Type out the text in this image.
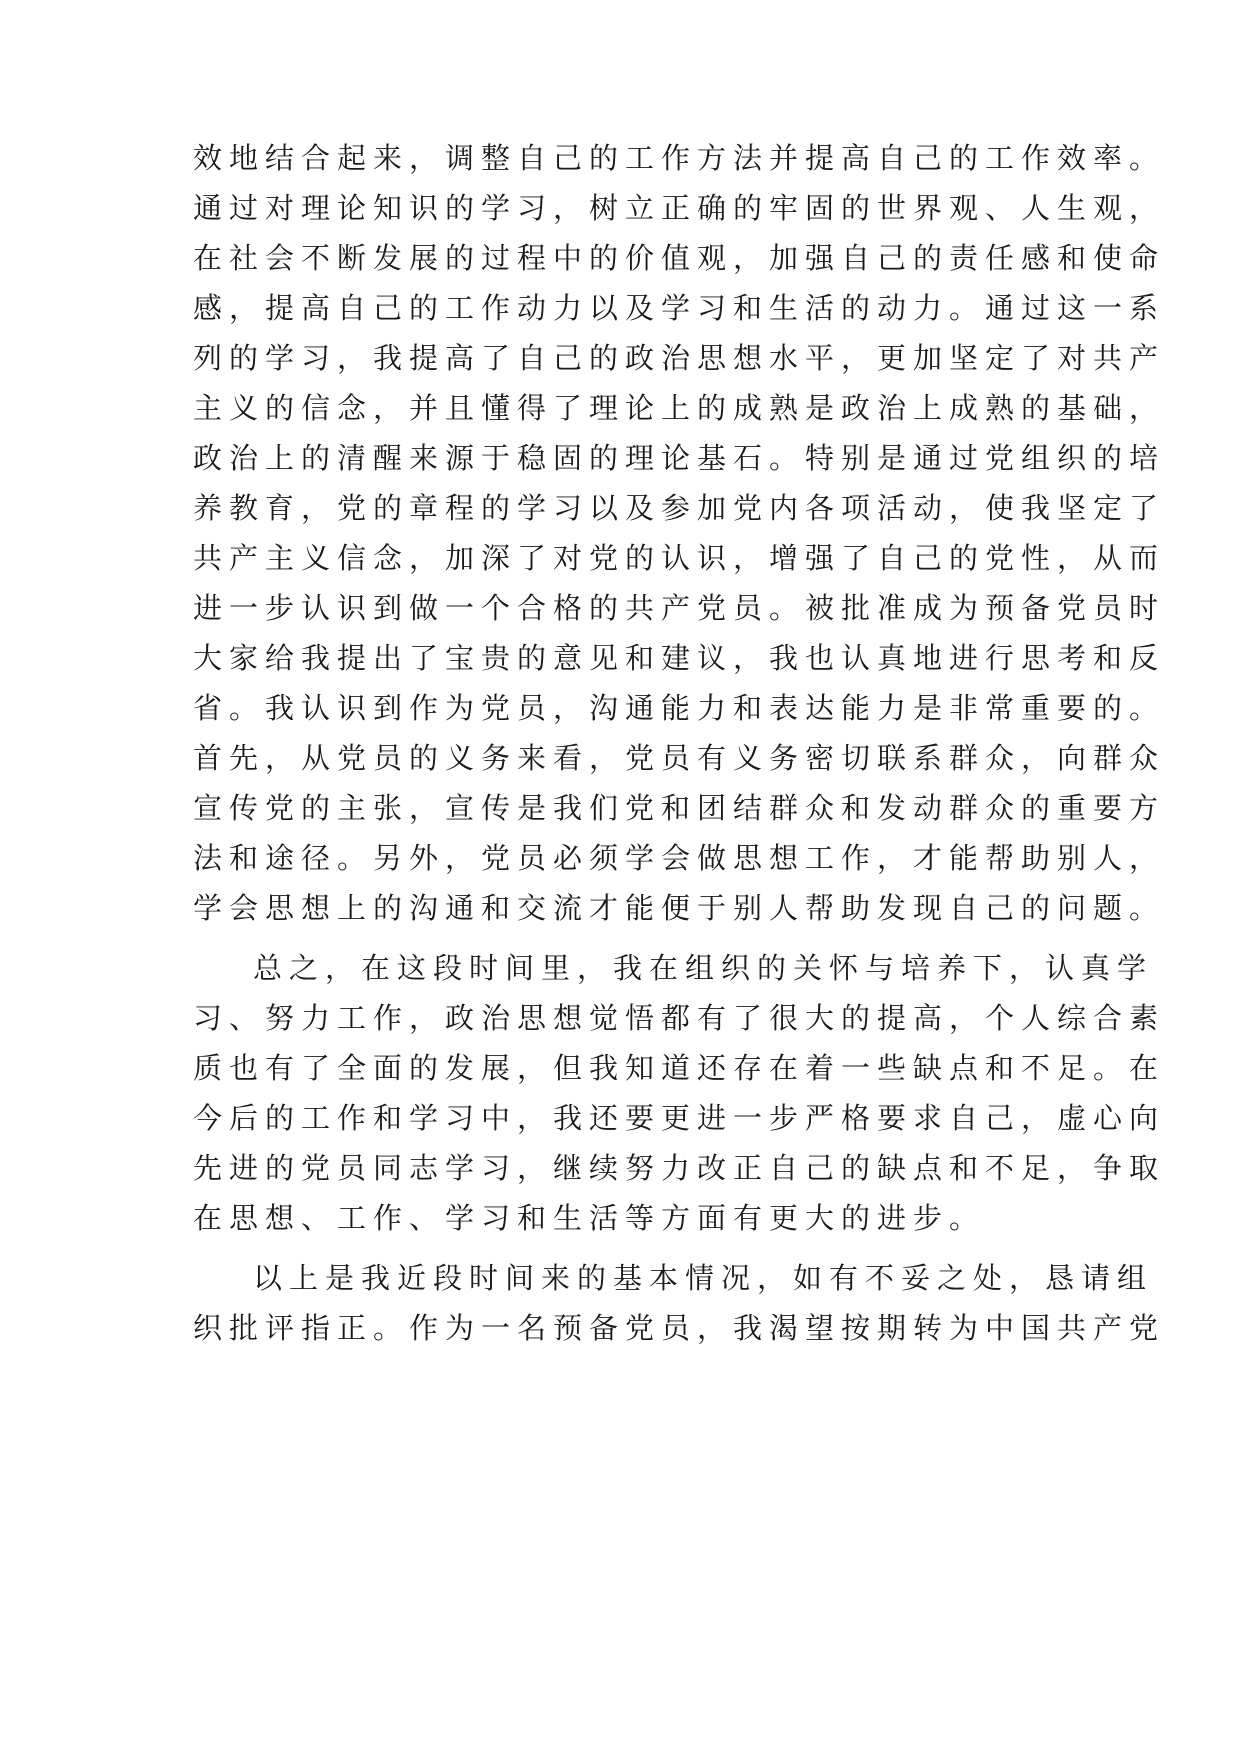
效地结合起来，调整自己的工作方法并提高自己的工作效率。
通过对理论知识的学习，树立正确的牢固的世界观、人生观，
在社会不断发展的过程中的价值观，加强自己的责任感和使命
感，提高自己的工作动力以及学习和生活的动力。通过这一系
列的学习，我提高了自己的政治思想水平，更加坚定了对共产
主义的信念，并且懂得了理论上的成熟是政治上成熟的基础，
政治上的清醒来源于稳固的理论基石。特别是通过党组织的培
养教育，党的章程的学习以及参加党内各项活动，使我坚定了
共产主义信念，加深了对党的认识，增强了自己的党性，从而
进一步认识到做一个合格的共产党员。被批准成为预备党员时
大家给我提出了宝贵的意见和建议，我也认真地进行思考和反
省。我认识到作为党员，沟通能力和表达能力是非常重要的。
首先，从党员的义务来看，党员有义务密切联系群众，向群众
宣传党的主张，宣传是我们党和团结群众和发动群众的重要方
法和途径。另外，党员必须学会做思想工作，才能帮助别人，
学会思想上的沟通和交流才能便于别人帮助发现自己的问题。
总之，在这段时间里，我在组织的关怀与培养下，认真学
习、努力工作，政治思想觉悟都有了很大的提高，个人综合素
质也有了全面的发展，但我知道还存在着一些缺点和不足。在
今后的工作和学习中，我还要更进一步严格要求自己，虚心向
先进的党员同志学习，继续努力改正自己的缺点和不足，争取
在思想、工作、学习和生活等方面有更大的进步。
以上是我近段时间来的基本情况，如有不妥之处，恳请组
织批评指正。作为一名预备党员，我渴望按期转为中国共产党
